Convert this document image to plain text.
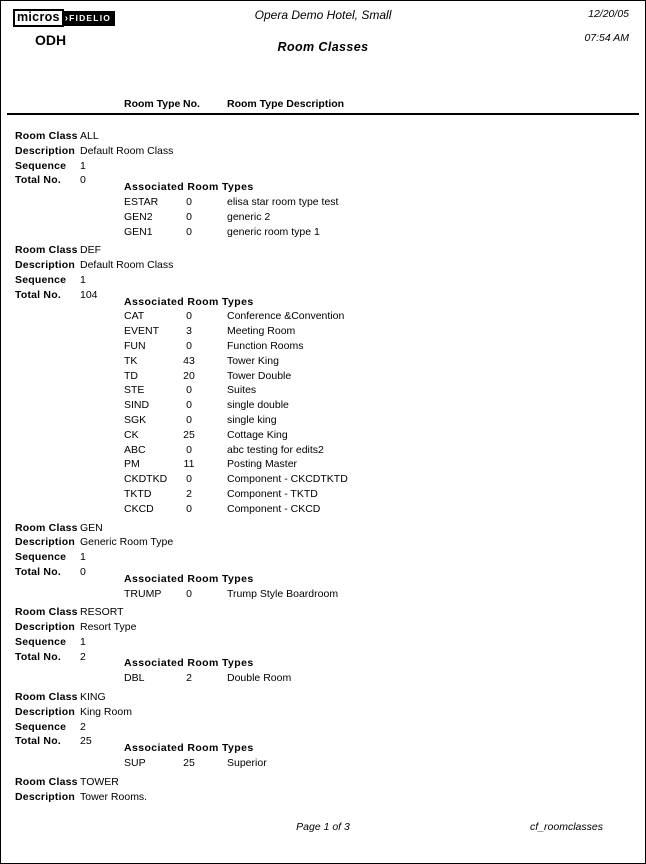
micros › FIDELIO
ODH
Opera Demo Hotel, Small
Room Classes
12/20/05
07:54 AM
Room Type No.	Room Type Description
Room Class ALL
Description Default Room Class
Sequence 1
Total No. 0
Associated Room Types
ESTAR	0	elisa star room type test
GEN2	0	generic 2
GEN1	0	generic room type 1
Room Class DEF
Description Default Room Class
Sequence 1
Total No. 104
Associated Room Types
CAT	0	Conference &Convention
EVENT	3	Meeting Room
FUN	0	Function Rooms
TK	43	Tower King
TD	20	Tower Double
STE	0	Suites
SIND	0	single double
SGK	0	single king
CK	25	Cottage King
ABC	0	abc testing for edits2
PM	11	Posting Master
CKDTKD	0	Component - CKCDTKTD
TKTD	2	Component - TKTD
CKCD	0	Component - CKCD
Room Class GEN
Description Generic Room Type
Sequence 1
Total No. 0
Associated Room Types
TRUMP	0	Trump Style Boardroom
Room Class RESORT
Description Resort Type
Sequence 1
Total No. 2
Associated Room Types
DBL	2	Double Room
Room Class KING
Description King Room
Sequence 2
Total No. 25
Associated Room Types
SUP	25	Superior
Room Class TOWER
Description Tower Rooms.
Page 1 of 3	cf_roomclasses
